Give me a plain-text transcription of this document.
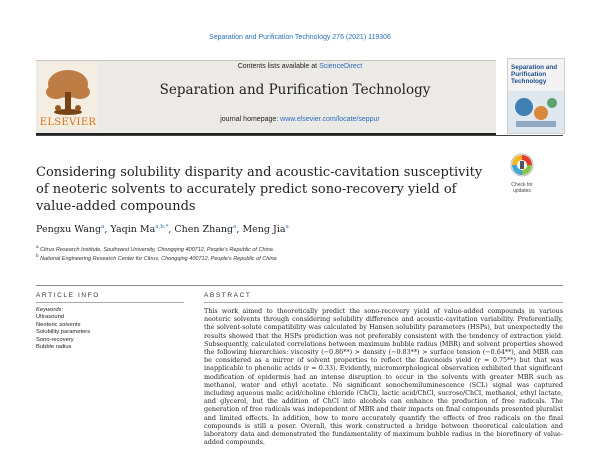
Separation and Purification Technology 276 (2021) 119306
ELSEVIER
Contents lists available at ScienceDirect
Separation and Purification Technology
journal homepage: www.elsevier.com/locate/seppur
Separation and Purification Technology
Considering solubility disparity and acoustic-cavitation susceptivity of neoteric solvents to accurately predict sono-recovery yield of value-added compounds
Check for updates
Pengxu Wang$^a$, Yaqin $Ma^{a,b,*}$, Chen Zhang$^a$, Meng Jia$^a$
$^a$ Citrus Research Institute, Southwest University, Chongqing 400712, People’s Republic of China
$^b$ National Engineering Research Center for Citrus, Chongqing 400712, People’s Republic of China
ARTICLE INFO	ABSTRACT
Keywords:
Ultrasound
Neoteric solvents
Solubility parameters
Sono-recovery
Bubble radius
This work aimed to theoretically predict the sono-recovery yield of value-added compounds in various neoteric solvents through considering solubility difference and acoustic-cavitation variability. Preferentially, the solvent-solute compatibility was calculated by Hansen solubility parameters (HSPs), but unexpectedly the results showed that the HSPs prediction was not preferably consistent with the tendency of extraction yield. Subsequently, calculated correlations between maximum bubble radius (MBR) and solvent properties showed the following hierarchies: viscosity (−0.86**) > density (−0.83**) > surface tension (−0.64**), and MBR can be considered as a mirror of solvent properties to reflect the flavonoids yield (r = 0.75**) but that was inapplicable to phenolic acids (r = 0.33). Evidently, micromorphological observation exhibited that significant modification of epidermis had an intense disruption to occur in the solvents with greater MBR such as methanol, water and ethyl acetate. No significant sonochemiluminescence (SCL) signal was captured including aqueous malic acid/choline chloride (ChCl), lactic acid/ChCl, sucrose/ChCl, methanol, ethyl lactate, and glycerol, but the addition of ChCl into alcohols can enhance the production of free radicals. The generation of free radicals was independent of MBR and their impacts on final compounds presented pluralist and limited effects. In addition, how to more accurately quantify the effects of free radicals on the final compounds is still a poser. Overall, this work constructed a bridge between theoretical calculation and laboratory data and demonstrated the fundamentality of maximum bubble radius in the biorefinery of value-added compounds.
